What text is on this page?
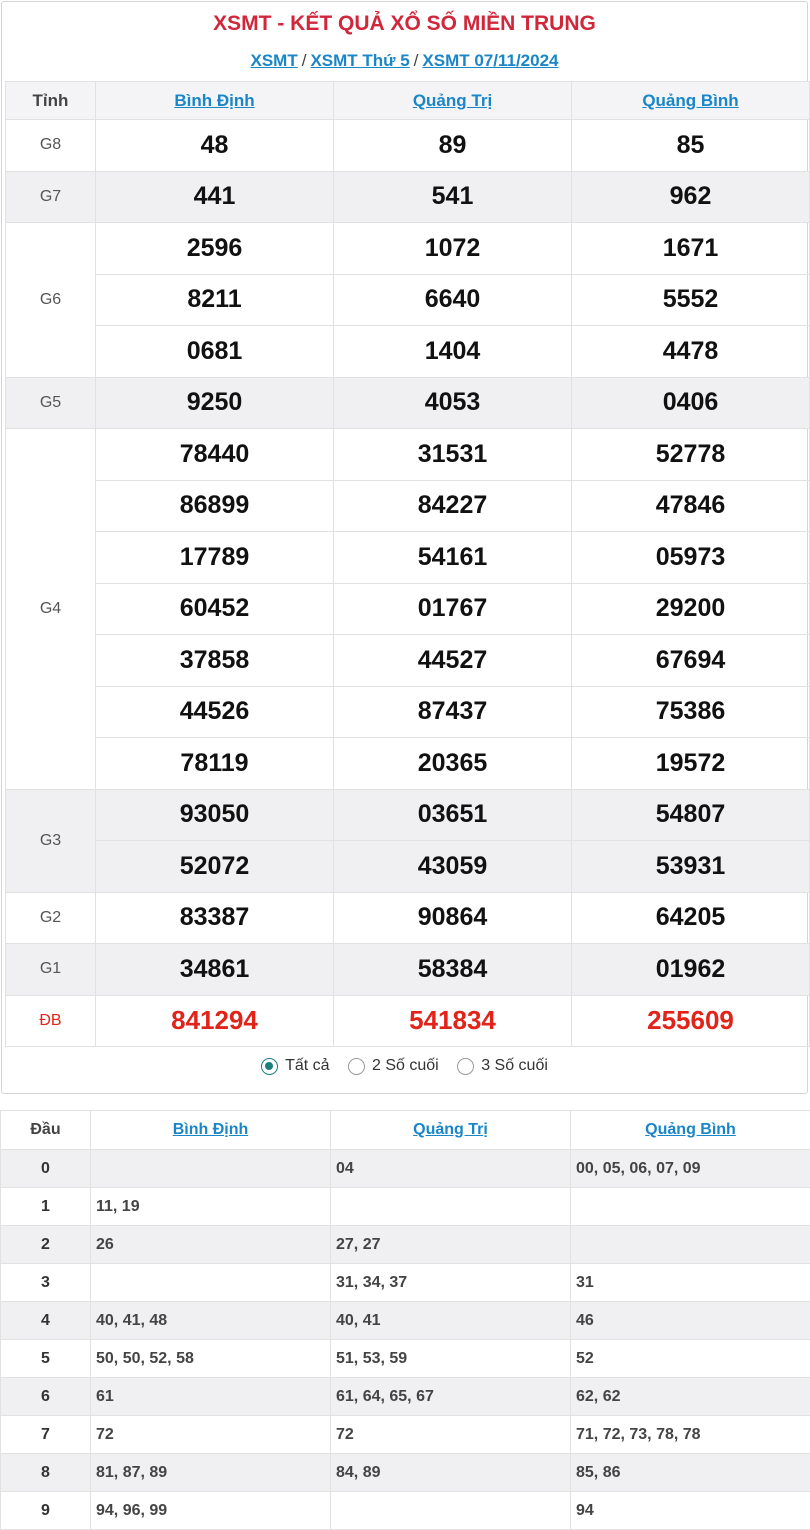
XSMT - KẾT QUẢ XỔ SỐ MIỀN TRUNG
XSMT / XSMT Thứ 5 / XSMT 07/11/2024
Tỉnh	Bình Định	Quảng Trị	Quảng Bình
G8	48	89	85
G7	441	541	962
G6	2596	1072	1671
	8211	6640	5552
	0681	1404	4478
G5	9250	4053	0406
G4	78440	31531	52778
	86899	84227	47846
	17789	54161	05973
	60452	01767	29200
	37858	44527	67694
	44526	87437	75386
	78119	20365	19572
G3	93050	03651	54807
	52072	43059	53931
G2	83387	90864	64205
G1	34861	58384	01962
ĐB	841294	541834	255609
Tất cả
	2 Số cuối
	3 Số cuối
Đầu	Bình Định	Quảng Trị	Quảng Bình
0		04	00, 05, 06, 07, 09
1	11, 19		
2	26	27, 27	
3		31, 34, 37	31
4	40, 41, 48	40, 41	46
5	50, 50, 52, 58	51, 53, 59	52
6	61	61, 64, 65, 67	62, 62
7	72	72	71, 72, 73, 78, 78
8	81, 87, 89	84, 89	85, 86
9	94, 96, 99		94
